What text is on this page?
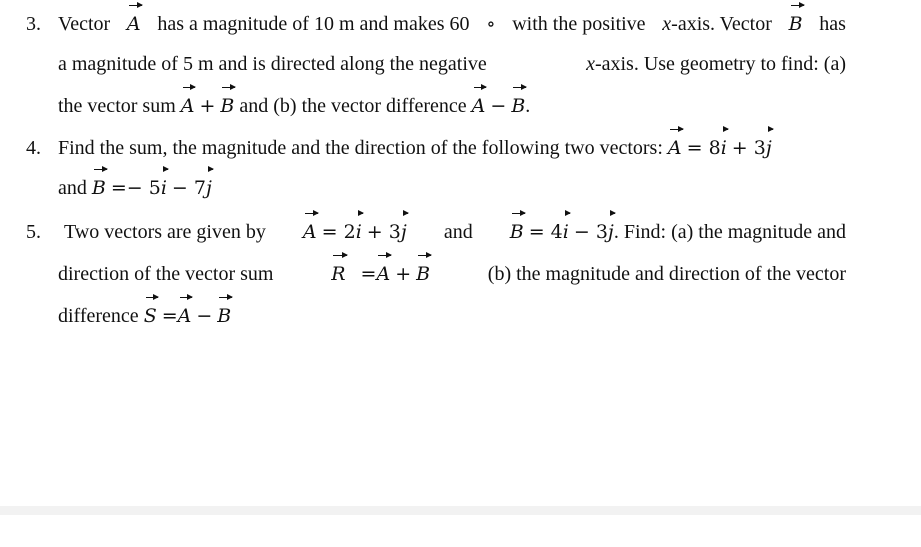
3. Vector A has a magnitude of 10 m and makes 60 ∘ with the positive x-axis. Vector B has
a magnitude of 5 m and is directed along the negative	x-axis. Use geometry to find: (a)
the vector sum A + B and (b) the vector difference A − B .
4. Find the sum, the magnitude and the direction of the following two vectors: A = 8 i + 3 j
and B =− 5 i − 7 j
5. Two vectors are given by A = 2i + 3j and B = 4i − 3j. Find: (a) the magnitude and
direction of the vector sum	R =A + B	(b) the magnitude and direction of the vector
difference S = A − B
